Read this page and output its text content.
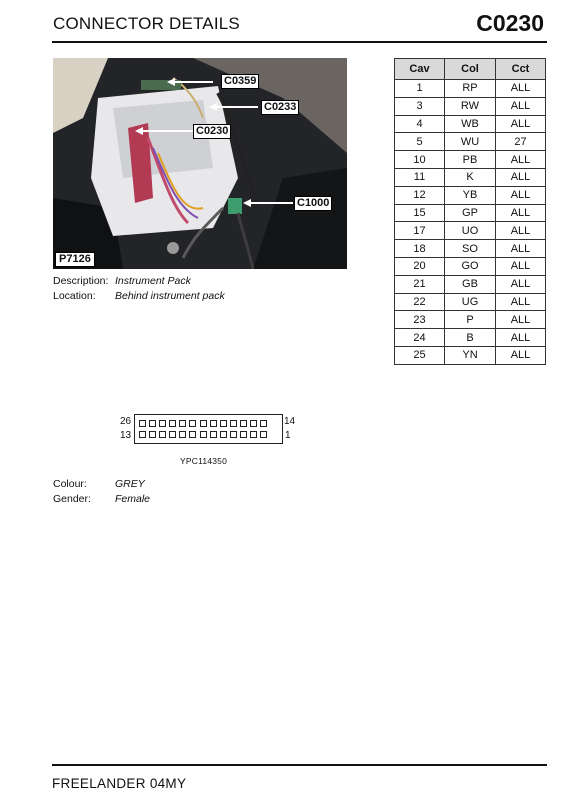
CONNECTOR DETAILS	C0230
C0359
C0233
C0230
C1000
P7126
Description: Instrument Pack
Location: Behind instrument pack
Cav	Col	Cct
1	RP	ALL
3	RW	ALL
4	WB	ALL
5	WU	27
10	PB	ALL
11	K	ALL
12	YB	ALL
15	GP	ALL
17	UO	ALL
18	SO	ALL
20	GO	ALL
21	GB	ALL
22	UG	ALL
23	P	ALL
24	B	ALL
25	YN	ALL
26	14
13	1
YPC114350
Colour:	GREY
Gender: Female
FREELANDER 04MY
